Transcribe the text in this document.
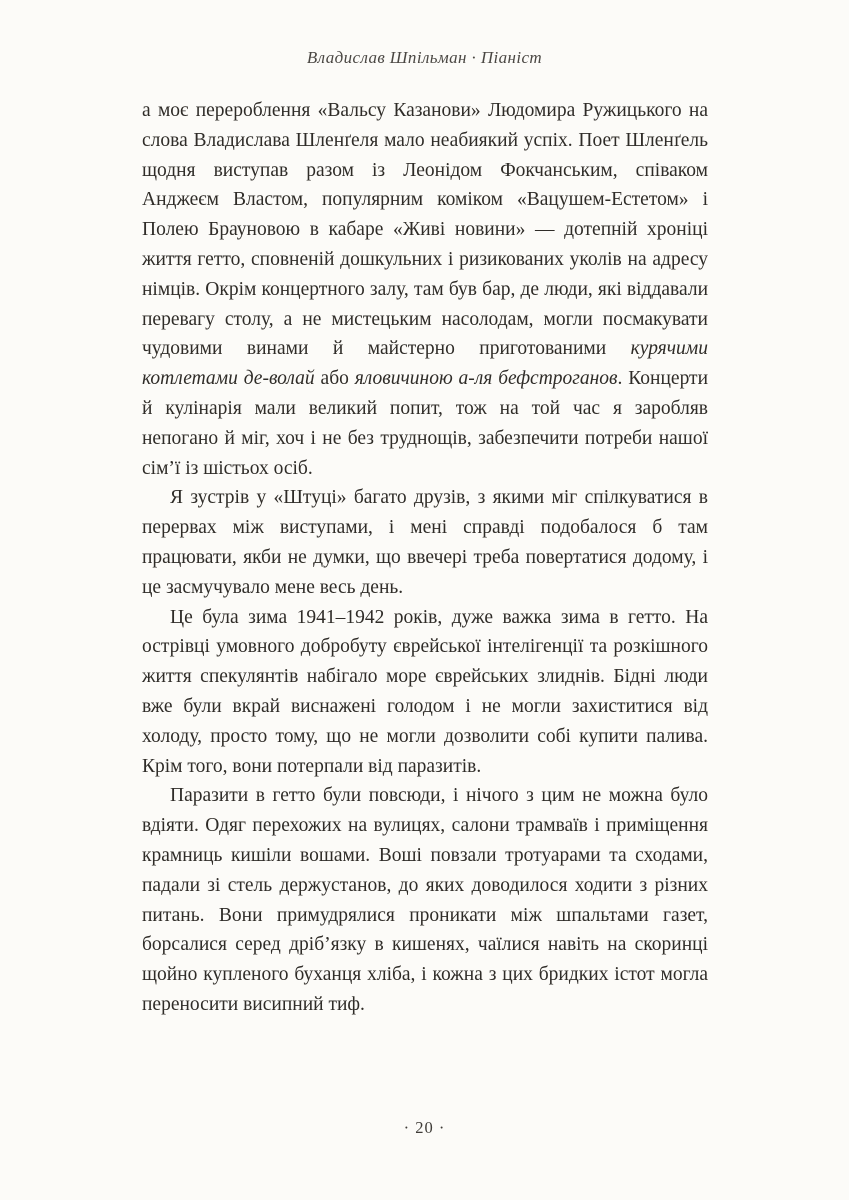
Владислав Шпільман · Піаніст

а моє перероблення «Вальсу Казанови» Людомира Ружицького на слова Владислава Шленґеля мало неабиякий успіх. Поет Шленґель щодня виступав разом із Леонідом Фокчанським, співаком Анджеєм Властом, популярним коміком «Вацушем-Естетом» і Полею Брауновою в кабаре «Живі новини» — дотепній хроніці життя гетто, сповненій дошкульних і ризикованих уколів на адресу німців. Окрім концертного залу, там був бар, де люди, які віддавали перевагу столу, а не мистецьким насолодам, могли посмакувати чудовими винами й майстерно приготованими курячими котлетами де-волай або яловичиною а-ля бефстроганов. Концерти й кулінарія мали великий попит, тож на той час я заробляв непогано й міг, хоч і не без труднощів, забезпечити потреби нашої сім’ї із шістьох осіб.

Я зустрів у «Штуці» багато друзів, з якими міг спілкуватися в перервах між виступами, і мені справді подобалося б там працювати, якби не думки, що ввечері треба повертатися додому, і це засмучувало мене весь день.

Це була зима 1941–1942 років, дуже важка зима в гетто. На острівці умовного добробуту єврейської інтелігенції та розкішного життя спекулянтів набігало море єврейських злиднів. Бідні люди вже були вкрай виснажені голодом і не могли захиститися від холоду, просто тому, що не могли дозволити собі купити палива. Крім того, вони потерпали від паразитів.

Паразити в гетто були повсюди, і нічого з цим не можна було вдіяти. Одяг перехожих на вулицях, салони трамваїв і приміщення крамниць кишіли вошами. Воші повзали тротуарами та сходами, падали зі стель держустанов, до яких доводилося ходити з різних питань. Вони примудрялися проникати між шпальтами газет, борсалися серед дріб’язку в кишенях, чаїлися навіть на скоринці щойно купленого буханця хліба, і кожна з цих бридких істот могла переносити висипний тиф.

· 20 ·
